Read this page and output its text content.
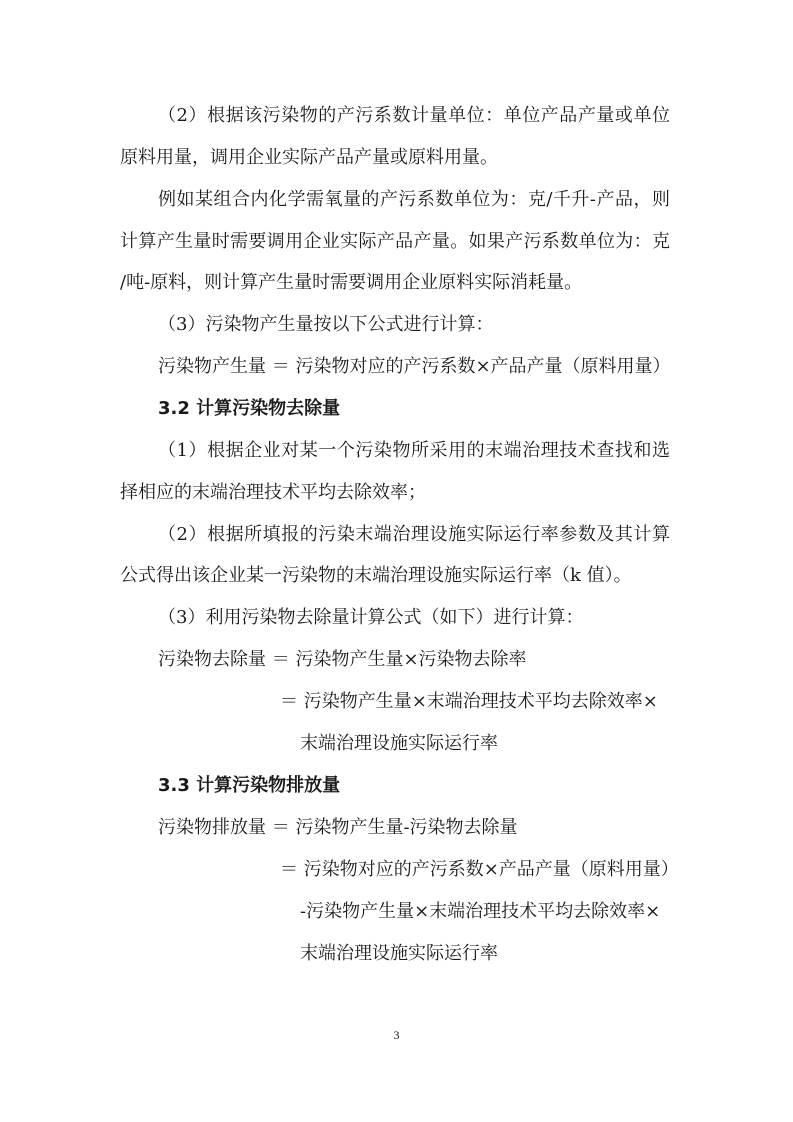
（2）根据该污染物的产污系数计量单位：单位产品产量或单位
原料用量，调用企业实际产品产量或原料用量。
例如某组合内化学需氧量的产污系数单位为：克/千升-产品，则
计算产生量时需要调用企业实际产品产量。如果产污系数单位为：克
/吨-原料，则计算产生量时需要调用企业原料实际消耗量。
（3）污染物产生量按以下公式进行计算：
污染物产生量 ＝ 污染物对应的产污系数×产品产量（原料用量）
3.2 计算污染物去除量
（1）根据企业对某一个污染物所采用的末端治理技术查找和选
择相应的末端治理技术平均去除效率；
（2）根据所填报的污染末端治理设施实际运行率参数及其计算
公式得出该企业某一污染物的末端治理设施实际运行率（k 值）。
（3）利用污染物去除量计算公式（如下）进行计算：
污染物去除量 ＝ 污染物产生量×污染物去除率
＝ 污染物产生量×末端治理技术平均去除效率×
末端治理设施实际运行率
3.3 计算污染物排放量
污染物排放量 ＝ 污染物产生量-污染物去除量
＝ 污染物对应的产污系数×产品产量（原料用量）
-污染物产生量×末端治理技术平均去除效率×
末端治理设施实际运行率
3
